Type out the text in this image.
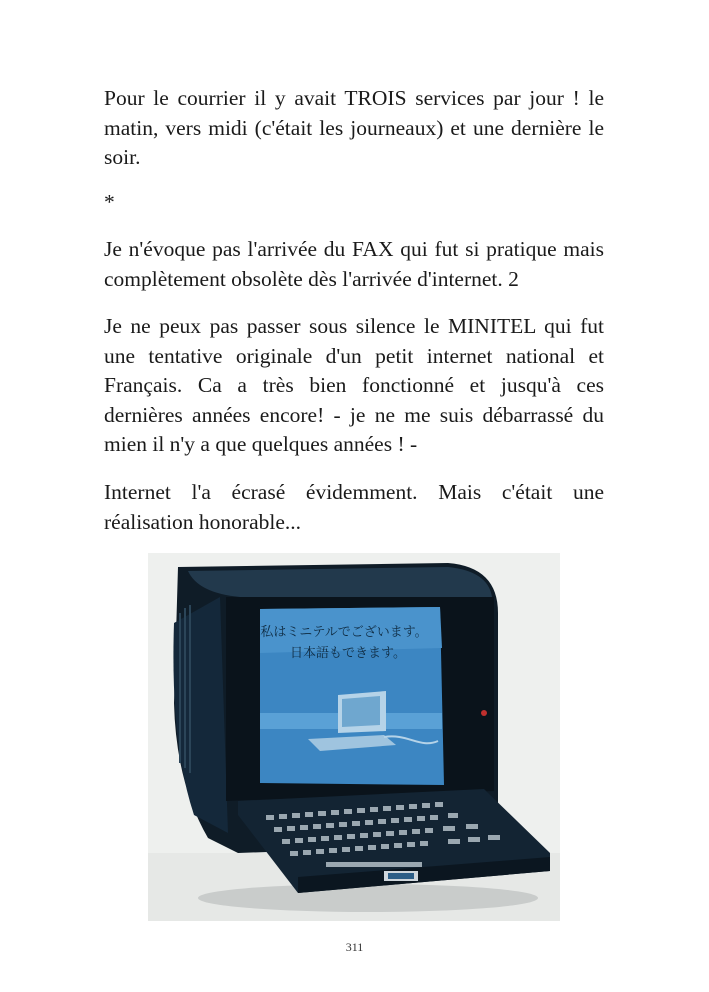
Pour le courrier il y avait TROIS services par jour ! le matin, vers midi (c'était les journeaux) et une dernière le soir.

*

Je n'évoque pas l'arrivée du FAX qui fut si pratique mais complètement obsolète dès l'arrivée d'internet. 2

Je ne peux pas passer sous silence le MINITEL qui fut une tentative originale d'un petit internet national et Français. Ca a très bien fonctionné et jusqu'à ces dernières années encore! - je ne me suis débarrassé du mien il n'y a que quelques années ! -

Internet l'a écrasé évidemment. Mais c'était une réalisation honorable...

私はミニテルでございます。
日本語もできます。
311
